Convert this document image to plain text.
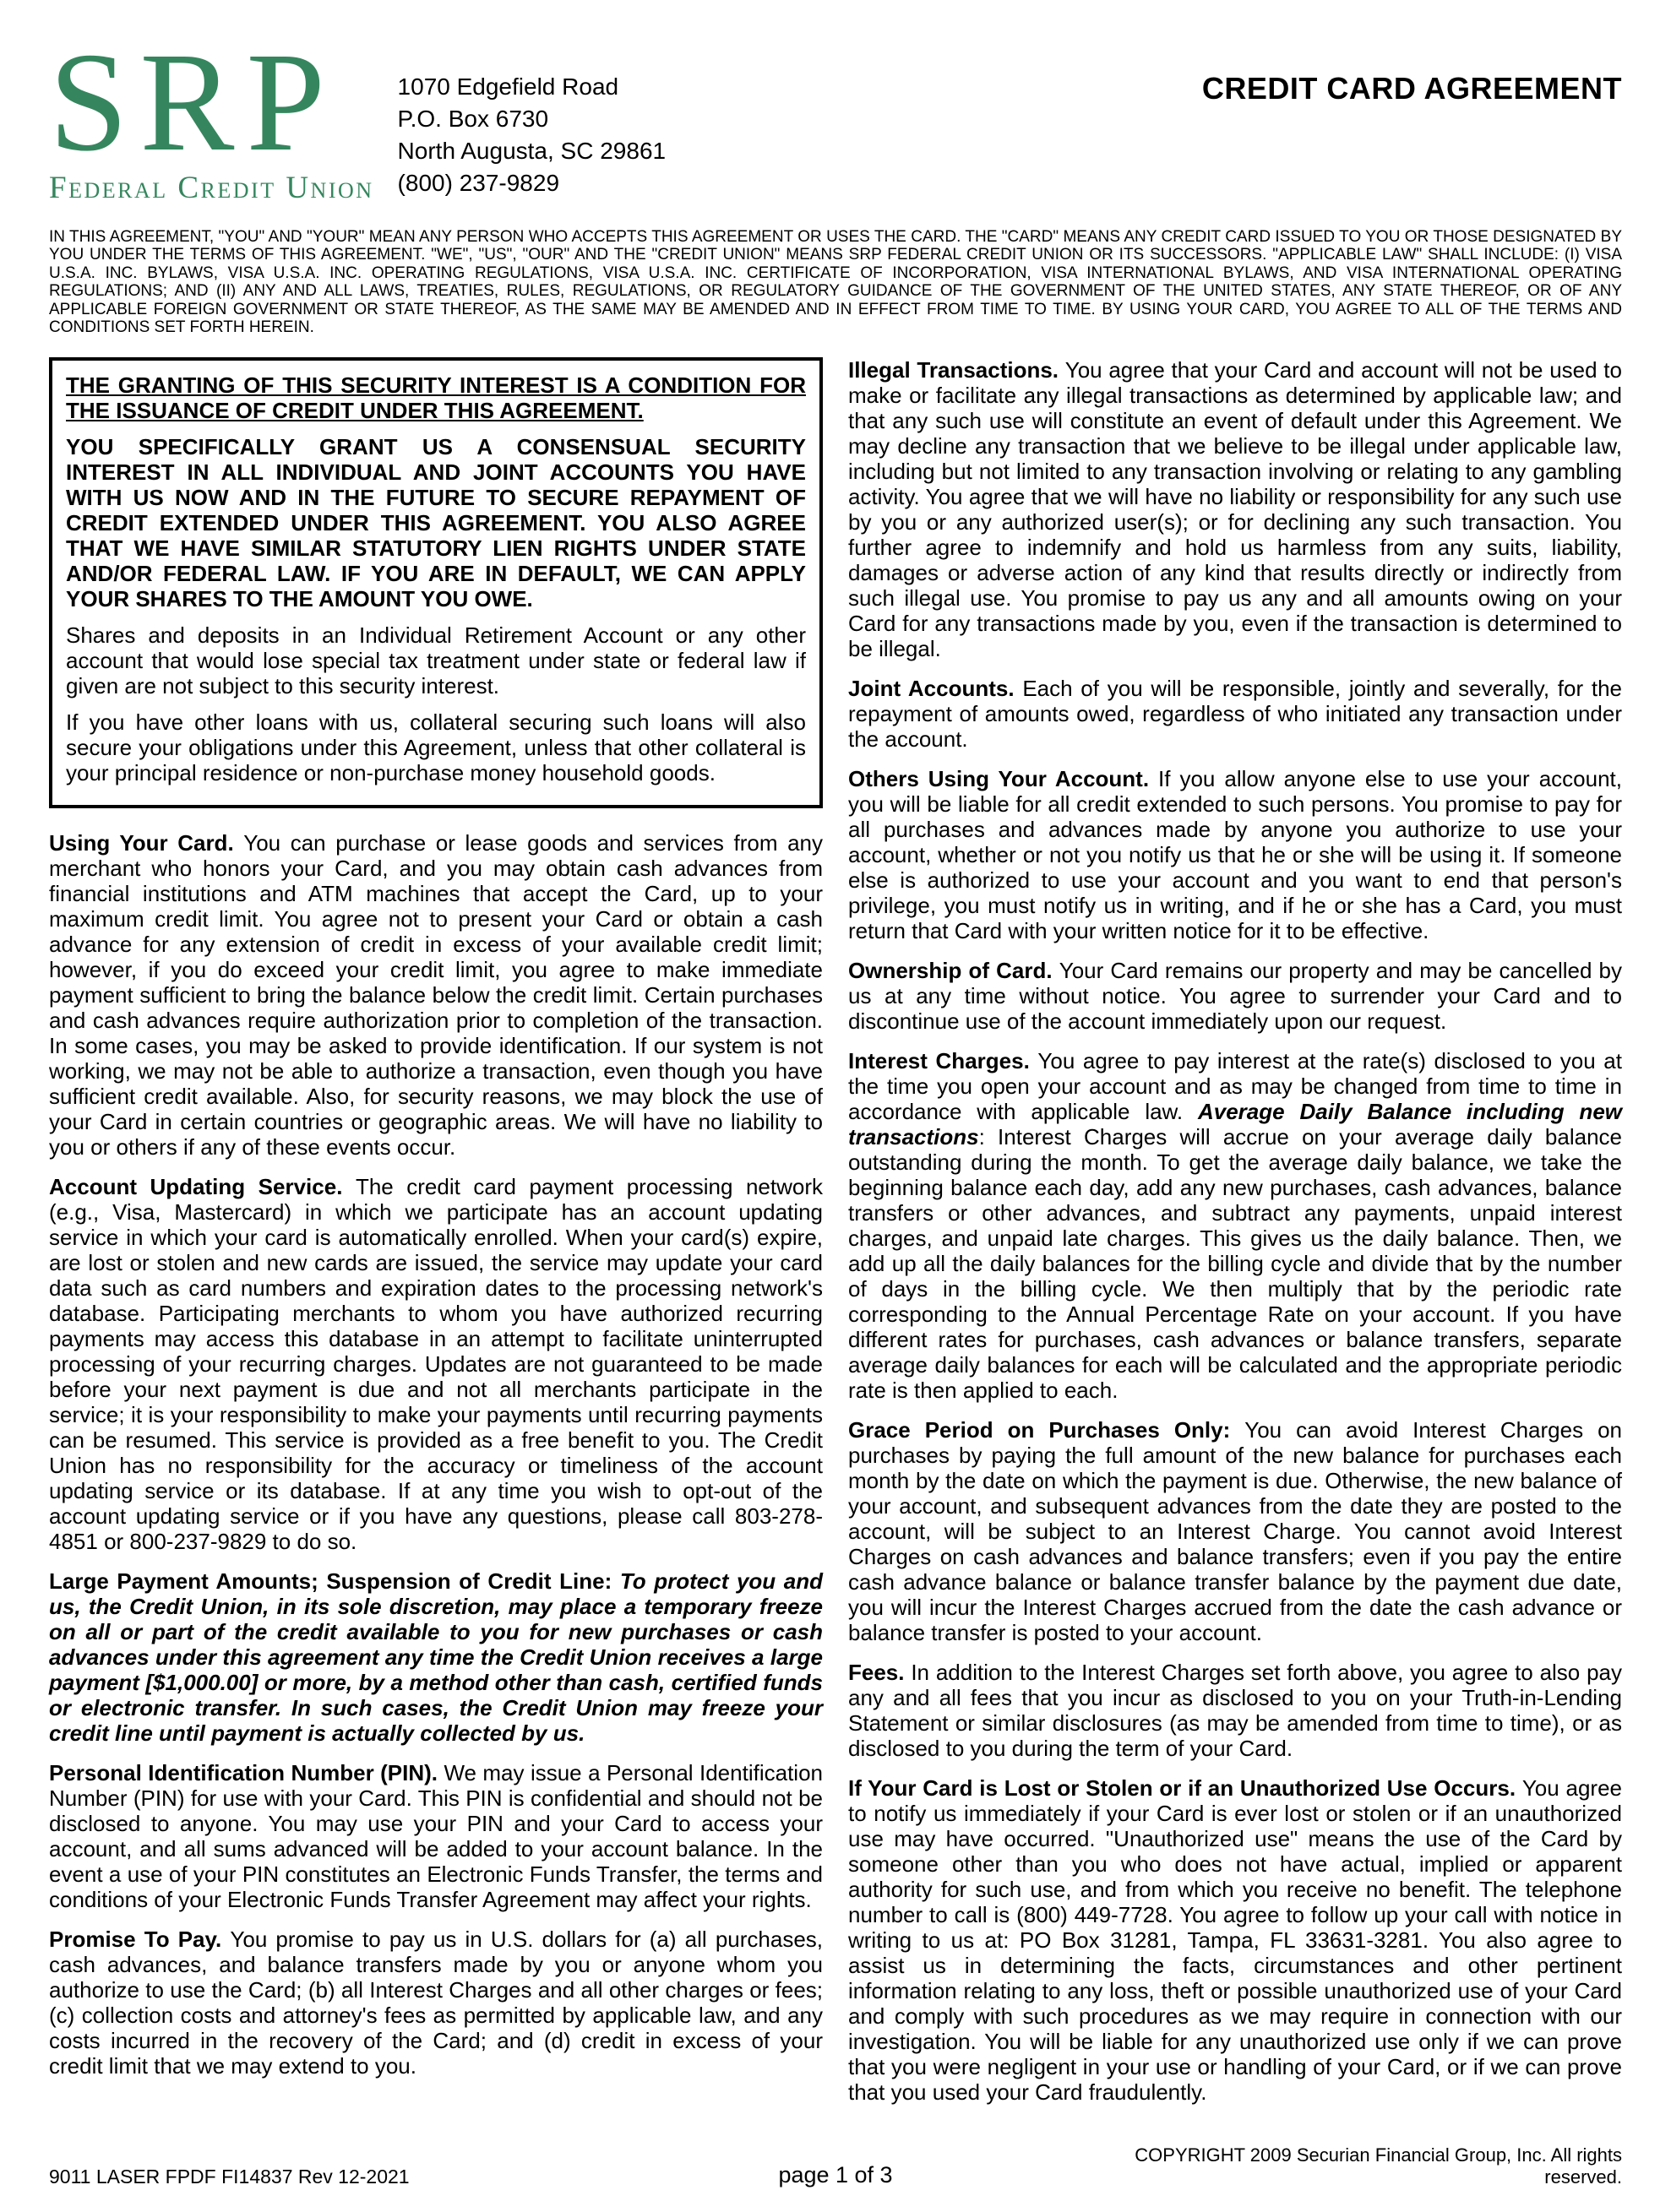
SRP
Federal Credit Union
1070 Edgefield Road
P.O. Box 6730
North Augusta, SC 29861
(800) 237-9829
CREDIT CARD AGREEMENT

IN THIS AGREEMENT, "YOU" AND "YOUR" MEAN ANY PERSON WHO ACCEPTS THIS AGREEMENT OR USES THE CARD. THE "CARD" MEANS ANY CREDIT CARD ISSUED TO YOU OR THOSE DESIGNATED BY YOU UNDER THE TERMS OF THIS AGREEMENT. "WE", "US", "OUR" AND THE "CREDIT UNION" MEANS SRP FEDERAL CREDIT UNION OR ITS SUCCESSORS. "APPLICABLE LAW" SHALL INCLUDE: (I) VISA U.S.A. INC. BYLAWS, VISA U.S.A. INC. OPERATING REGULATIONS, VISA U.S.A. INC. CERTIFICATE OF INCORPORATION, VISA INTERNATIONAL BYLAWS, AND VISA INTERNATIONAL OPERATING REGULATIONS; AND (II) ANY AND ALL LAWS, TREATIES, RULES, REGULATIONS, OR REGULATORY GUIDANCE OF THE GOVERNMENT OF THE UNITED STATES, ANY STATE THEREOF, OR OF ANY APPLICABLE FOREIGN GOVERNMENT OR STATE THEREOF, AS THE SAME MAY BE AMENDED AND IN EFFECT FROM TIME TO TIME. BY USING YOUR CARD, YOU AGREE TO ALL OF THE TERMS AND CONDITIONS SET FORTH HEREIN.

THE GRANTING OF THIS SECURITY INTEREST IS A CONDITION FOR THE ISSUANCE OF CREDIT UNDER THIS AGREEMENT.

YOU SPECIFICALLY GRANT US A CONSENSUAL SECURITY INTEREST IN ALL INDIVIDUAL AND JOINT ACCOUNTS YOU HAVE WITH US NOW AND IN THE FUTURE TO SECURE REPAYMENT OF CREDIT EXTENDED UNDER THIS AGREEMENT. YOU ALSO AGREE THAT WE HAVE SIMILAR STATUTORY LIEN RIGHTS UNDER STATE AND/OR FEDERAL LAW. IF YOU ARE IN DEFAULT, WE CAN APPLY YOUR SHARES TO THE AMOUNT YOU OWE.

Shares and deposits in an Individual Retirement Account or any other account that would lose special tax treatment under state or federal law if given are not subject to this security interest.

If you have other loans with us, collateral securing such loans will also secure your obligations under this Agreement, unless that other collateral is your principal residence or non-purchase money household goods.

Using Your Card. You can purchase or lease goods and services from any merchant who honors your Card, and you may obtain cash advances from financial institutions and ATM machines that accept the Card, up to your maximum credit limit. You agree not to present your Card or obtain a cash advance for any extension of credit in excess of your available credit limit; however, if you do exceed your credit limit, you agree to make immediate payment sufficient to bring the balance below the credit limit. Certain purchases and cash advances require authorization prior to completion of the transaction. In some cases, you may be asked to provide identification. If our system is not working, we may not be able to authorize a transaction, even though you have sufficient credit available. Also, for security reasons, we may block the use of your Card in certain countries or geographic areas. We will have no liability to you or others if any of these events occur.

Account Updating Service. The credit card payment processing network (e.g., Visa, Mastercard) in which we participate has an account updating service in which your card is automatically enrolled. When your card(s) expire, are lost or stolen and new cards are issued, the service may update your card data such as card numbers and expiration dates to the processing network's database. Participating merchants to whom you have authorized recurring payments may access this database in an attempt to facilitate uninterrupted processing of your recurring charges. Updates are not guaranteed to be made before your next payment is due and not all merchants participate in the service; it is your responsibility to make your payments until recurring payments can be resumed. This service is provided as a free benefit to you. The Credit Union has no responsibility for the accuracy or timeliness of the account updating service or its database. If at any time you wish to opt-out of the account updating service or if you have any questions, please call 803-278-4851 or 800-237-9829 to do so.

Large Payment Amounts; Suspension of Credit Line: To protect you and us, the Credit Union, in its sole discretion, may place a temporary freeze on all or part of the credit available to you for new purchases or cash advances under this agreement any time the Credit Union receives a large payment [$1,000.00] or more, by a method other than cash, certified funds or electronic transfer. In such cases, the Credit Union may freeze your credit line until payment is actually collected by us.

Personal Identification Number (PIN). We may issue a Personal Identification Number (PIN) for use with your Card. This PIN is confidential and should not be disclosed to anyone. You may use your PIN and your Card to access your account, and all sums advanced will be added to your account balance. In the event a use of your PIN constitutes an Electronic Funds Transfer, the terms and conditions of your Electronic Funds Transfer Agreement may affect your rights.

Promise To Pay. You promise to pay us in U.S. dollars for (a) all purchases, cash advances, and balance transfers made by you or anyone whom you authorize to use the Card; (b) all Interest Charges and all other charges or fees; (c) collection costs and attorney's fees as permitted by applicable law, and any costs incurred in the recovery of the Card; and (d) credit in excess of your credit limit that we may extend to you.

Illegal Transactions. You agree that your Card and account will not be used to make or facilitate any illegal transactions as determined by applicable law; and that any such use will constitute an event of default under this Agreement. We may decline any transaction that we believe to be illegal under applicable law, including but not limited to any transaction involving or relating to any gambling activity. You agree that we will have no liability or responsibility for any such use by you or any authorized user(s); or for declining any such transaction. You further agree to indemnify and hold us harmless from any suits, liability, damages or adverse action of any kind that results directly or indirectly from such illegal use. You promise to pay us any and all amounts owing on your Card for any transactions made by you, even if the transaction is determined to be illegal.

Joint Accounts. Each of you will be responsible, jointly and severally, for the repayment of amounts owed, regardless of who initiated any transaction under the account.

Others Using Your Account. If you allow anyone else to use your account, you will be liable for all credit extended to such persons. You promise to pay for all purchases and advances made by anyone you authorize to use your account, whether or not you notify us that he or she will be using it. If someone else is authorized to use your account and you want to end that person's privilege, you must notify us in writing, and if he or she has a Card, you must return that Card with your written notice for it to be effective.

Ownership of Card. Your Card remains our property and may be cancelled by us at any time without notice. You agree to surrender your Card and to discontinue use of the account immediately upon our request.

Interest Charges. You agree to pay interest at the rate(s) disclosed to you at the time you open your account and as may be changed from time to time in accordance with applicable law. Average Daily Balance including new transactions: Interest Charges will accrue on your average daily balance outstanding during the month. To get the average daily balance, we take the beginning balance each day, add any new purchases, cash advances, balance transfers or other advances, and subtract any payments, unpaid interest charges, and unpaid late charges. This gives us the daily balance. Then, we add up all the daily balances for the billing cycle and divide that by the number of days in the billing cycle. We then multiply that by the periodic rate corresponding to the Annual Percentage Rate on your account. If you have different rates for purchases, cash advances or balance transfers, separate average daily balances for each will be calculated and the appropriate periodic rate is then applied to each.

Grace Period on Purchases Only: You can avoid Interest Charges on purchases by paying the full amount of the new balance for purchases each month by the date on which the payment is due. Otherwise, the new balance of your account, and subsequent advances from the date they are posted to the account, will be subject to an Interest Charge. You cannot avoid Interest Charges on cash advances and balance transfers; even if you pay the entire cash advance balance or balance transfer balance by the payment due date, you will incur the Interest Charges accrued from the date the cash advance or balance transfer is posted to your account.

Fees. In addition to the Interest Charges set forth above, you agree to also pay any and all fees that you incur as disclosed to you on your Truth-in-Lending Statement or similar disclosures (as may be amended from time to time), or as disclosed to you during the term of your Card.

If Your Card is Lost or Stolen or if an Unauthorized Use Occurs. You agree to notify us immediately if your Card is ever lost or stolen or if an unauthorized use may have occurred. "Unauthorized use" means the use of the Card by someone other than you who does not have actual, implied or apparent authority for such use, and from which you receive no benefit. The telephone number to call is (800) 449-7728. You agree to follow up your call with notice in writing to us at: PO Box 31281, Tampa, FL 33631-3281. You also agree to assist us in determining the facts, circumstances and other pertinent information relating to any loss, theft or possible unauthorized use of your Card and comply with such procedures as we may require in connection with our investigation. You will be liable for any unauthorized use only if we can prove that you were negligent in your use or handling of your Card, or if we can prove that you used your Card fraudulently.

9011 LASER FPDF FI14837 Rev 12-2021	page 1 of 3
COPYRIGHT 2009 Securian Financial Group, Inc. All rights reserved.
